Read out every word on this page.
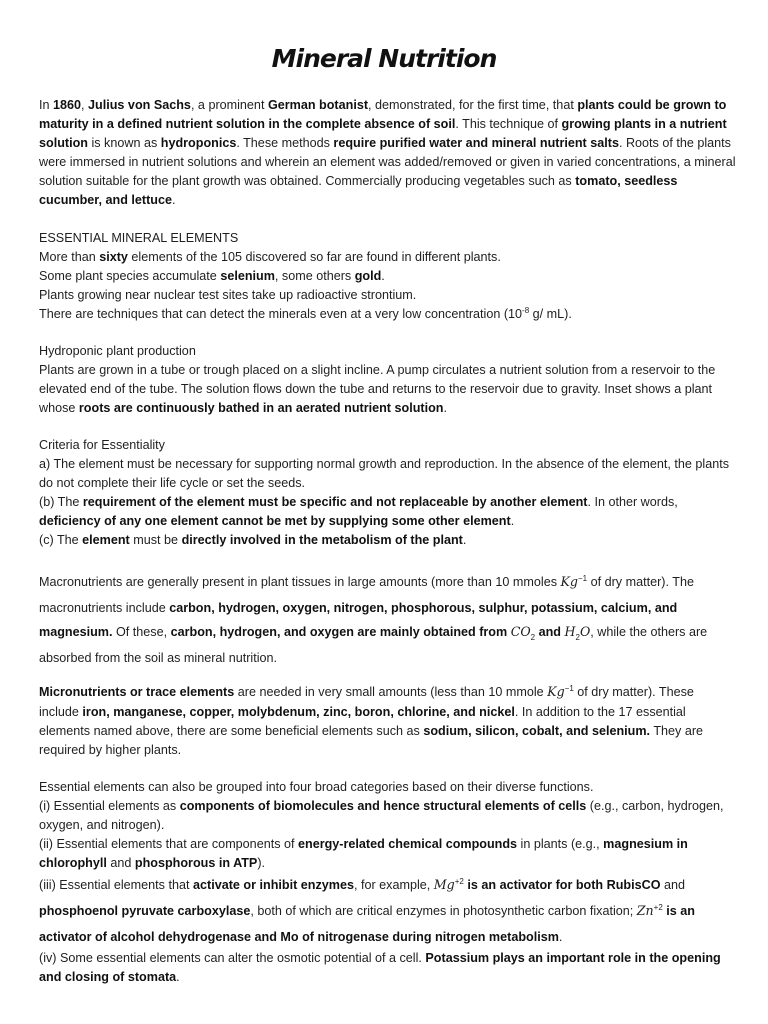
Mineral Nutrition

In 1860, Julius von Sachs, a prominent German botanist, demonstrated, for the first time, that plants could be grown to maturity in a defined nutrient solution in the complete absence of soil. This technique of growing plants in a nutrient solution is known as hydroponics. These methods require purified water and mineral nutrient salts. Roots of the plants were immersed in nutrient solutions and wherein an element was added/removed or given in varied concentrations, a mineral solution suitable for the plant growth was obtained. Commercially producing vegetables such as tomato, seedless cucumber, and lettuce.

ESSENTIAL MINERAL ELEMENTS

More than sixty elements of the 105 discovered so far are found in different plants.

Some plant species accumulate selenium, some others gold.

Plants growing near nuclear test sites take up radioactive strontium.

There are techniques that can detect the minerals even at a very low concentration ($10^{-8}$ g/ mL).

Hydroponic plant production

Plants are grown in a tube or trough placed on a slight incline. A pump circulates a nutrient solution from a reservoir to the elevated end of the tube. The solution flows down the tube and returns to the reservoir due to gravity. Inset shows a plant whose roots are continuously bathed in an aerated nutrient solution.

Criteria for Essentiality

a) The element must be necessary for supporting normal growth and reproduction. In the absence of the element, the plants do not complete their life cycle or set the seeds.

(b) The requirement of the element must be specific and not replaceable by another element. In other words, deficiency of any one element cannot be met by supplying some other element.

(c) The element must be directly involved in the metabolism of the plant.

Macronutrients are generally present in plant tissues in large amounts (more than 10 mmoles $Kg^{-1}$ of dry matter). The macronutrients include carbon, hydrogen, oxygen, nitrogen, phosphorous, sulphur, potassium, calcium, and magnesium. Of these, carbon, hydrogen, and oxygen are mainly obtained from $CO_2$ and $H_2O$, while the others are absorbed from the soil as mineral nutrition.

Micronutrients or trace elements are needed in very small amounts (less than 10 mmole $Kg^{-1}$ of dry matter). These include iron, manganese, copper, molybdenum, zinc, boron, chlorine, and nickel. In addition to the 17 essential elements named above, there are some beneficial elements such as sodium, silicon, cobalt, and selenium. They are required by higher plants.

Essential elements can also be grouped into four broad categories based on their diverse functions.

(i) Essential elements as components of biomolecules and hence structural elements of cells (e.g., carbon, hydrogen, oxygen, and nitrogen).

(ii) Essential elements that are components of energy-related chemical compounds in plants (e.g., magnesium in chlorophyll and phosphorous in ATP).

(iii) Essential elements that activate or inhibit enzymes, for example, $Mg^{+2}$ is an activator for both RubisCO and phosphoenol pyruvate carboxylase, both of which are critical enzymes in photosynthetic carbon fixation; $Zn^{+2}$ is an activator of alcohol dehydrogenase and Mo of nitrogenase during nitrogen metabolism.

(iv) Some essential elements can alter the osmotic potential of a cell. Potassium plays an important role in the opening and closing of stomata.
